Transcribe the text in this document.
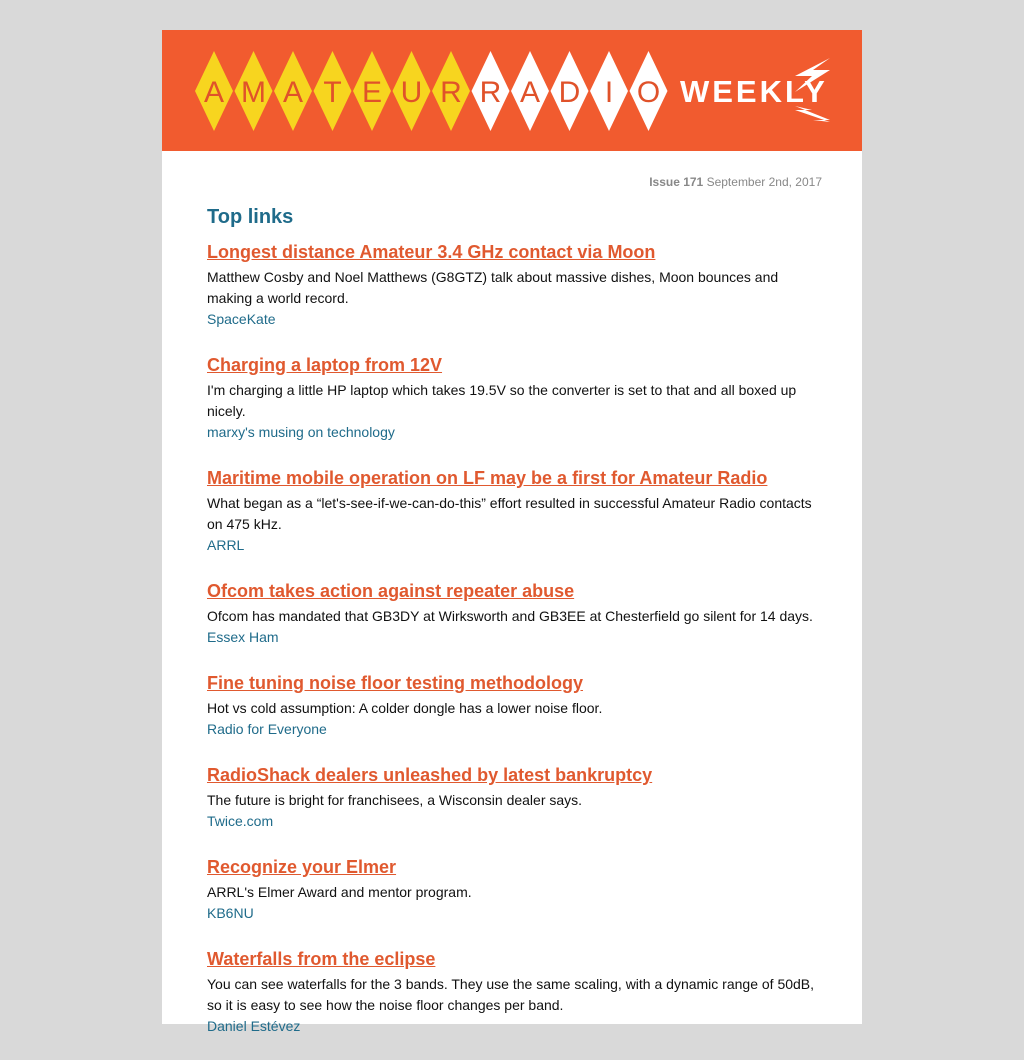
A M A T E U R R A D I O WEEKLY
Issue 171 September 2nd, 2017
Top links
Longest distance Amateur 3.4 GHz contact via Moon
Matthew Cosby and Noel Matthews (G8GTZ) talk about massive dishes, Moon bounces and making a world record.
SpaceKate
Charging a laptop from 12V
I'm charging a little HP laptop which takes 19.5V so the converter is set to that and all boxed up nicely.
marxy's musing on technology
Maritime mobile operation on LF may be a first for Amateur Radio
What began as a “let's-see-if-we-can-do-this” effort resulted in successful Amateur Radio contacts on 475 kHz.
ARRL
Ofcom takes action against repeater abuse
Ofcom has mandated that GB3DY at Wirksworth and GB3EE at Chesterfield go silent for 14 days.
Essex Ham
Fine tuning noise floor testing methodology
Hot vs cold assumption: A colder dongle has a lower noise floor.
Radio for Everyone
RadioShack dealers unleashed by latest bankruptcy
The future is bright for franchisees, a Wisconsin dealer says.
Twice.com
Recognize your Elmer
ARRL's Elmer Award and mentor program.
KB6NU
Waterfalls from the eclipse
You can see waterfalls for the 3 bands. They use the same scaling, with a dynamic range of 50dB, so it is easy to see how the noise floor changes per band.
Daniel Estévez
